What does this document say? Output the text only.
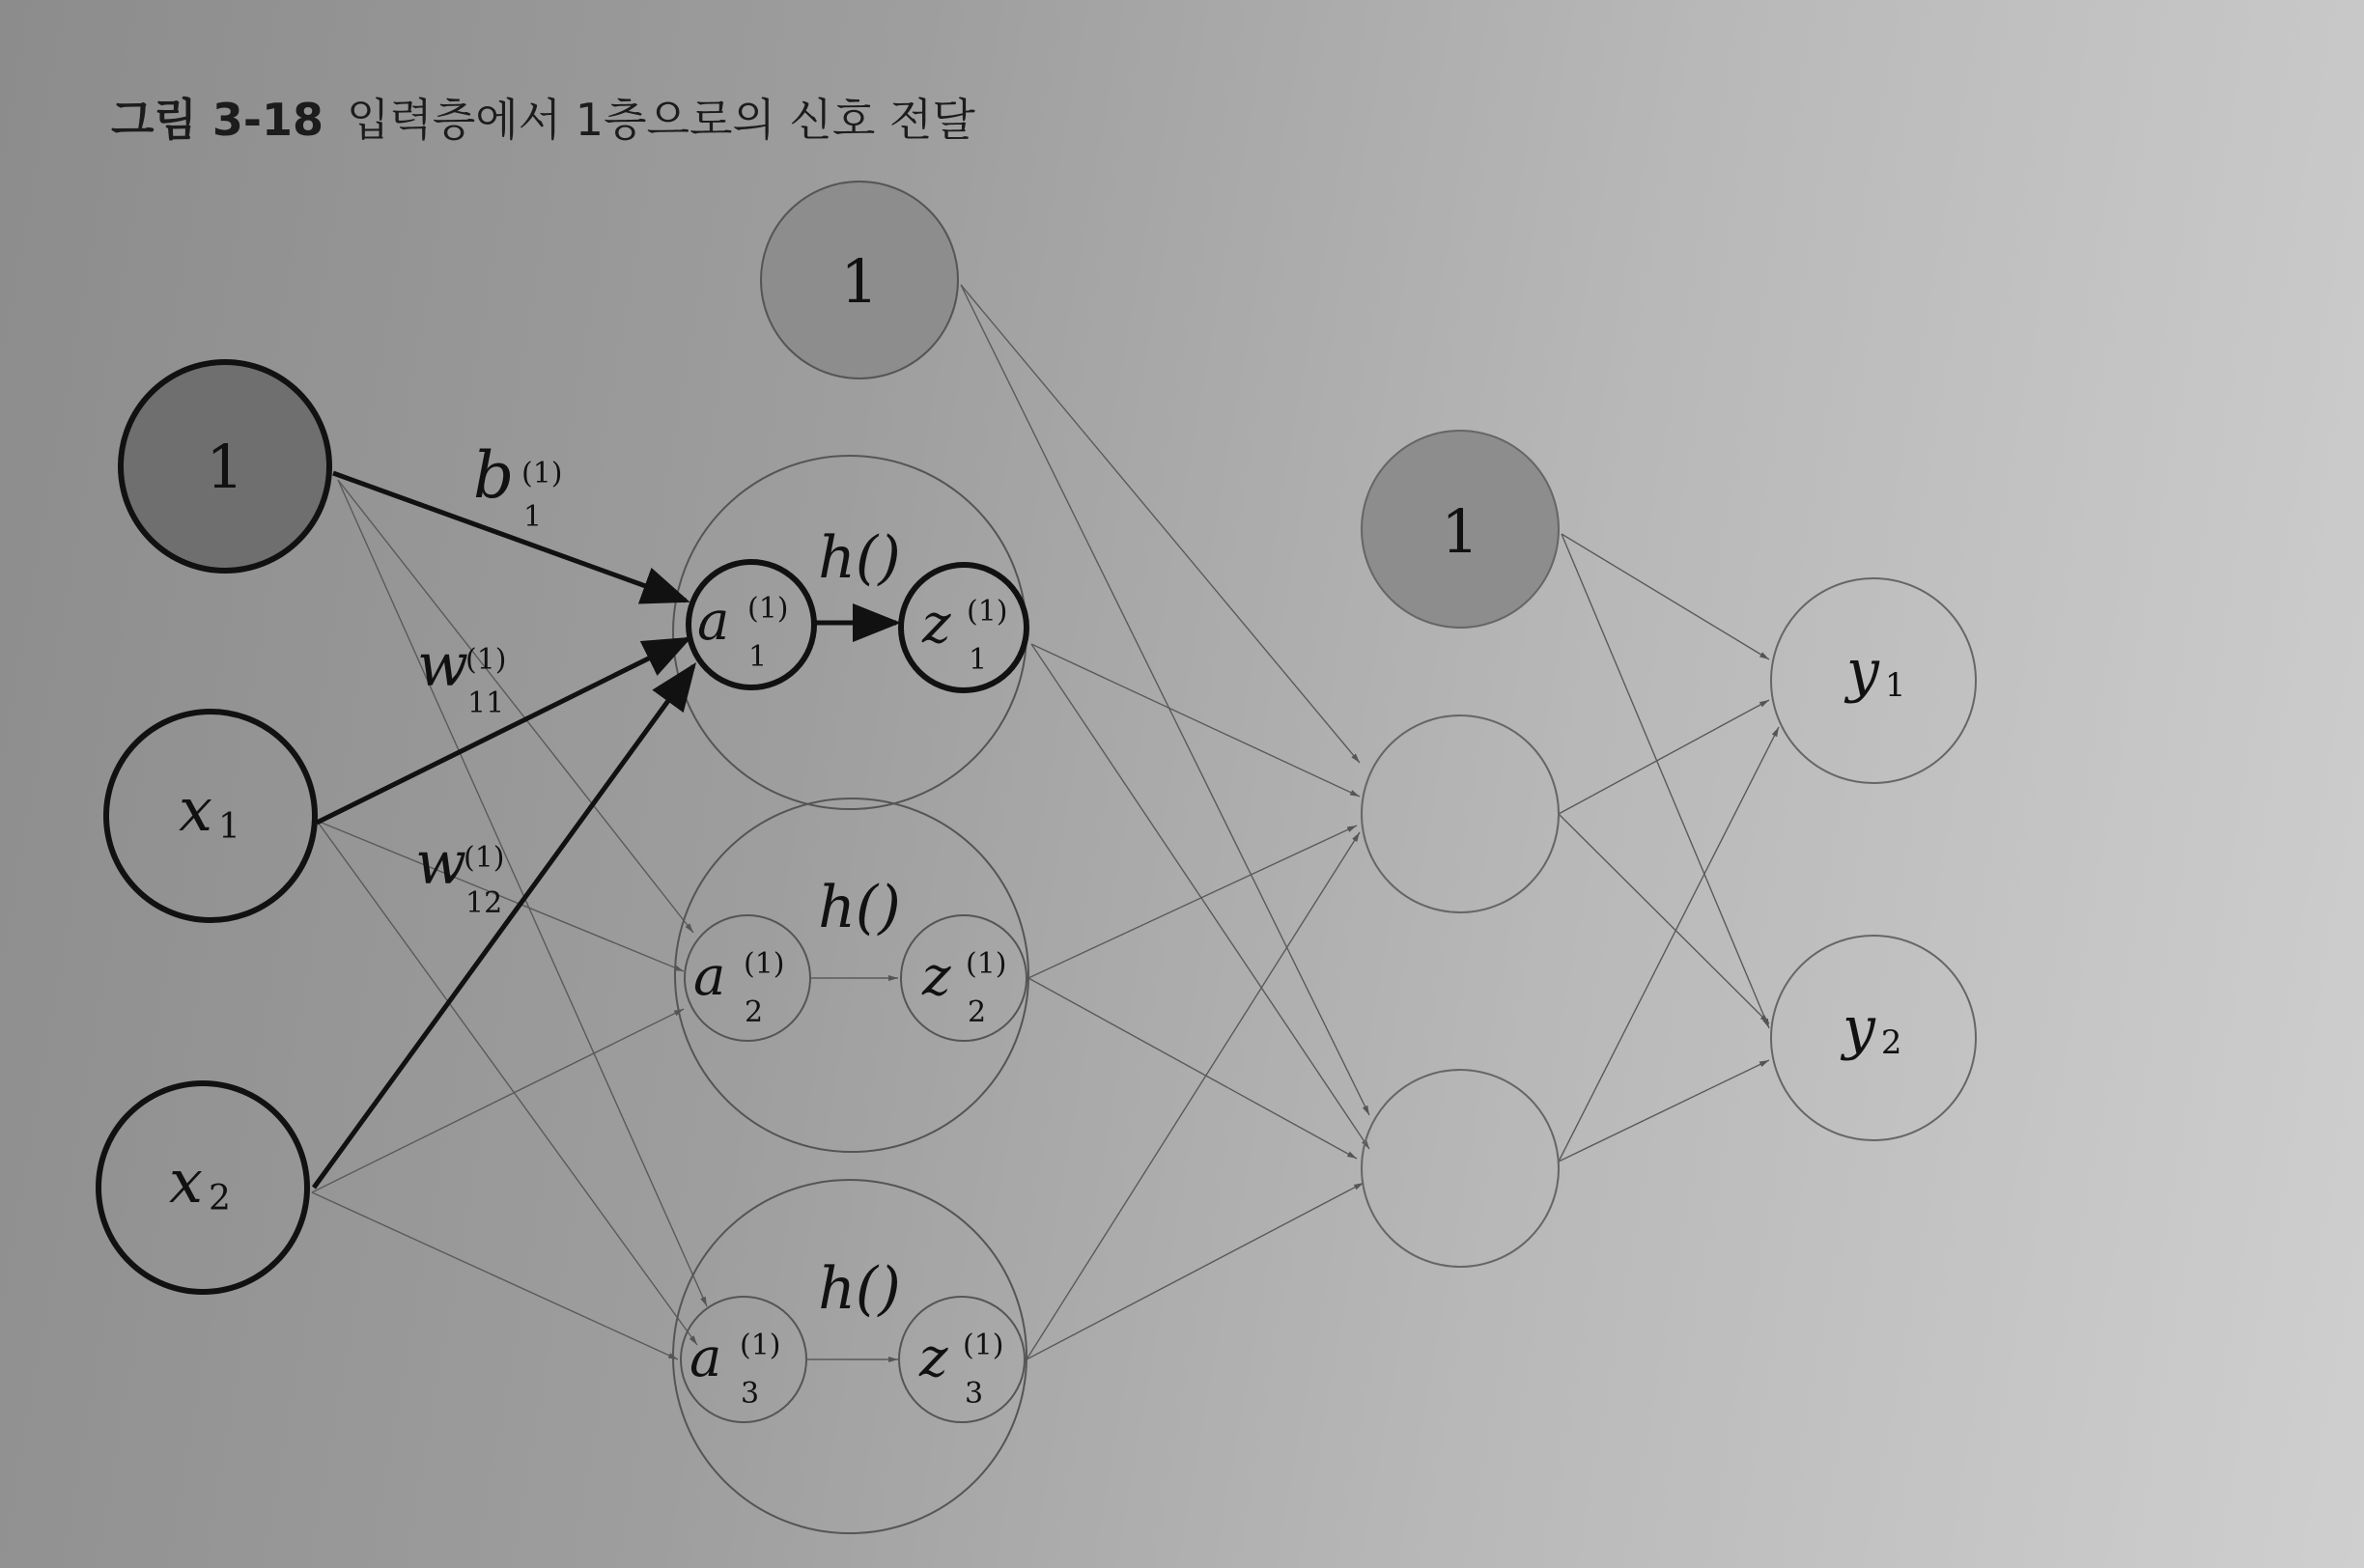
그림 3-18 입력층에서 1층으로의 신호 전달
1
1
1
x 1
x 2
b (1)
1
w
(1)
11
w
(1)
12
h()
h()
h()
a (1)
1
z (1)
1
a (1)
2
z (1)
2
a (1)
3
z (1)
3
y 1
y 2
